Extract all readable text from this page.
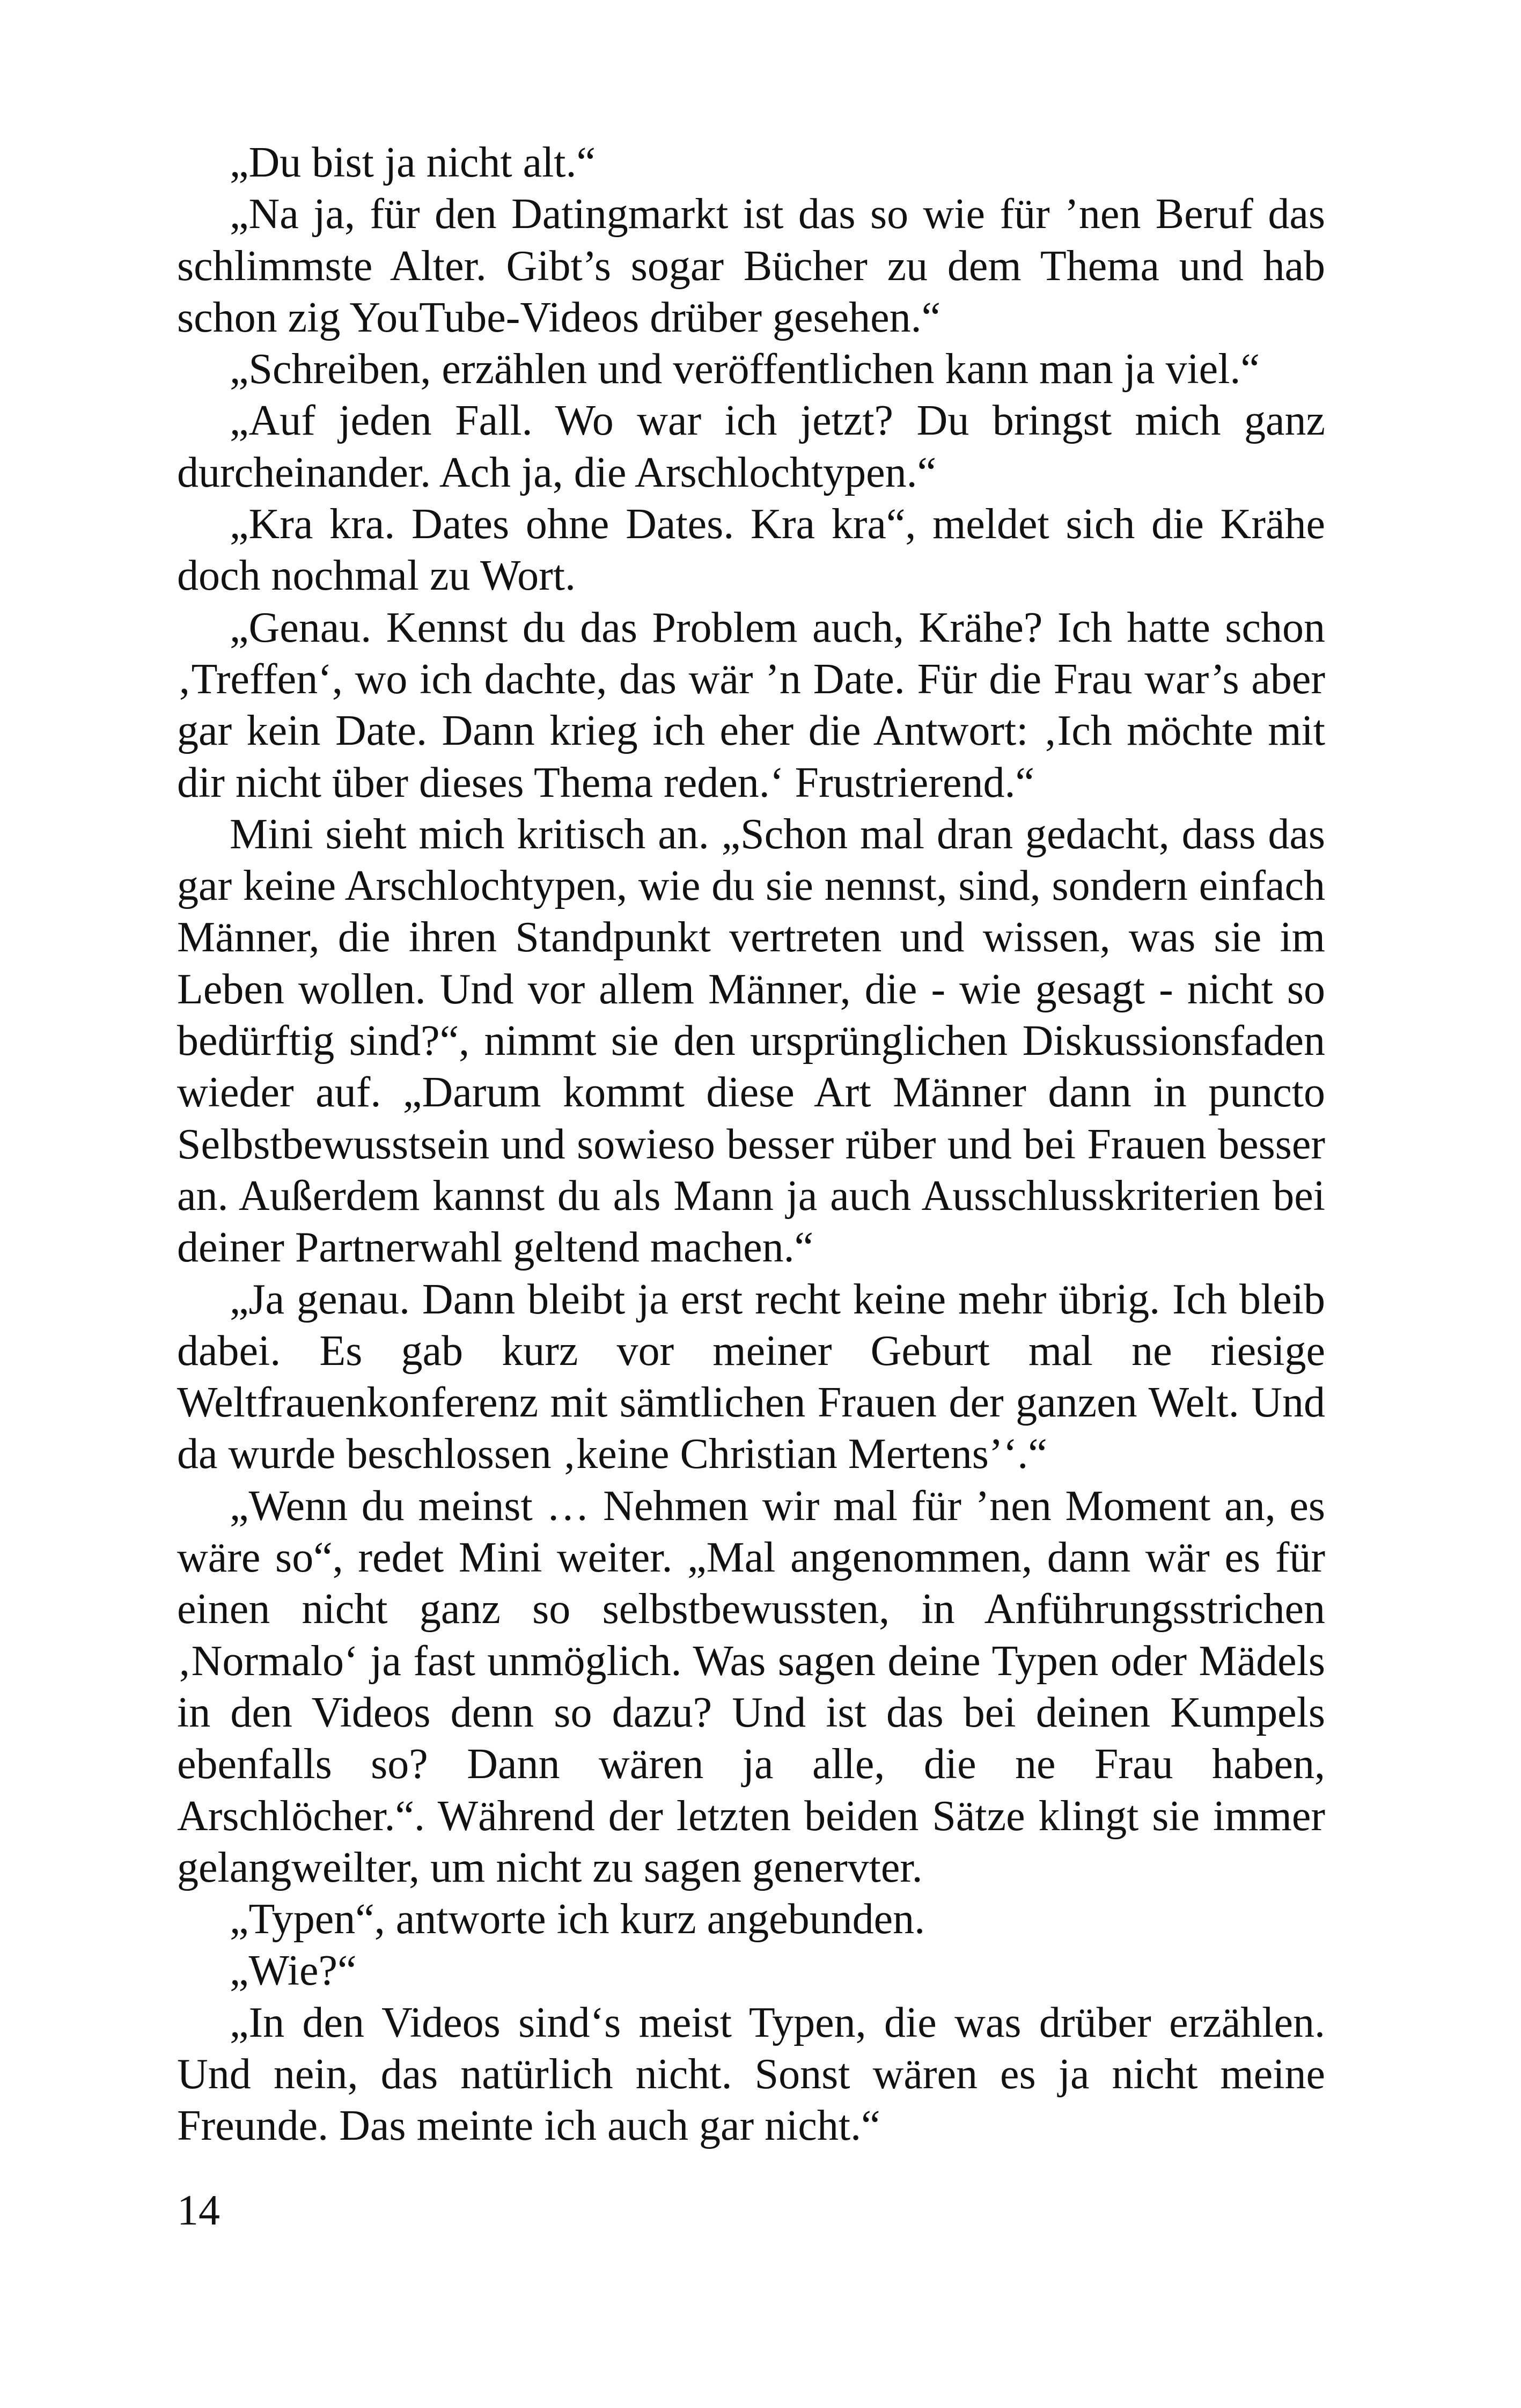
„Du bist ja nicht alt.“

„Na ja, für den Datingmarkt ist das so wie für ’nen Beruf das schlimmste Alter. Gibt’s sogar Bücher zu dem Thema und hab schon zig YouTube-Videos drüber gesehen.“

„Schreiben, erzählen und veröffentlichen kann man ja viel.“

„Auf jeden Fall. Wo war ich jetzt? Du bringst mich ganz durcheinander. Ach ja, die Arschlochtypen.“

„Kra kra. Dates ohne Dates. Kra kra“, meldet sich die Krähe doch nochmal zu Wort.

„Genau. Kennst du das Problem auch, Krähe? Ich hatte schon ‚Treffen‘, wo ich dachte, das wär ’n Date. Für die Frau war’s aber gar kein Date. Dann krieg ich eher die Antwort: ‚Ich möchte mit dir nicht über dieses Thema reden.‘ Frustrierend.“

Mini sieht mich kritisch an. „Schon mal dran gedacht, dass das gar keine Arschlochtypen, wie du sie nennst, sind, sondern einfach Männer, die ihren Standpunkt vertreten und wissen, was sie im Leben wollen. Und vor allem Männer, die - wie gesagt - nicht so bedürftig sind?“, nimmt sie den ursprünglichen Diskussionsfaden wieder auf. „Darum kommt diese Art Männer dann in puncto Selbstbewusstsein und sowieso besser rüber und bei Frauen besser an. Außerdem kannst du als Mann ja auch Ausschlusskriterien bei deiner Partnerwahl geltend machen.“

„Ja genau. Dann bleibt ja erst recht keine mehr übrig. Ich bleib dabei. Es gab kurz vor meiner Geburt mal ne riesige Weltfrauenkonferenz mit sämtlichen Frauen der ganzen Welt. Und da wurde beschlossen ‚keine Christian Mertens’‘.“

„Wenn du meinst … Nehmen wir mal für ’nen Moment an, es wäre so“, redet Mini weiter. „Mal angenommen, dann wär es für einen nicht ganz so selbstbewussten, in Anführungsstrichen ‚Normalo‘ ja fast unmöglich. Was sagen deine Typen oder Mädels in den Videos denn so dazu? Und ist das bei deinen Kumpels ebenfalls so? Dann wären ja alle, die ne Frau haben, Arschlöcher.“. Während der letzten beiden Sätze klingt sie immer gelangweilter, um nicht zu sagen genervter.

„Typen“, antworte ich kurz angebunden.

„Wie?“

„In den Videos sind‘s meist Typen, die was drüber erzählen. Und nein, das natürlich nicht. Sonst wären es ja nicht meine Freunde. Das meinte ich auch gar nicht.“

14
